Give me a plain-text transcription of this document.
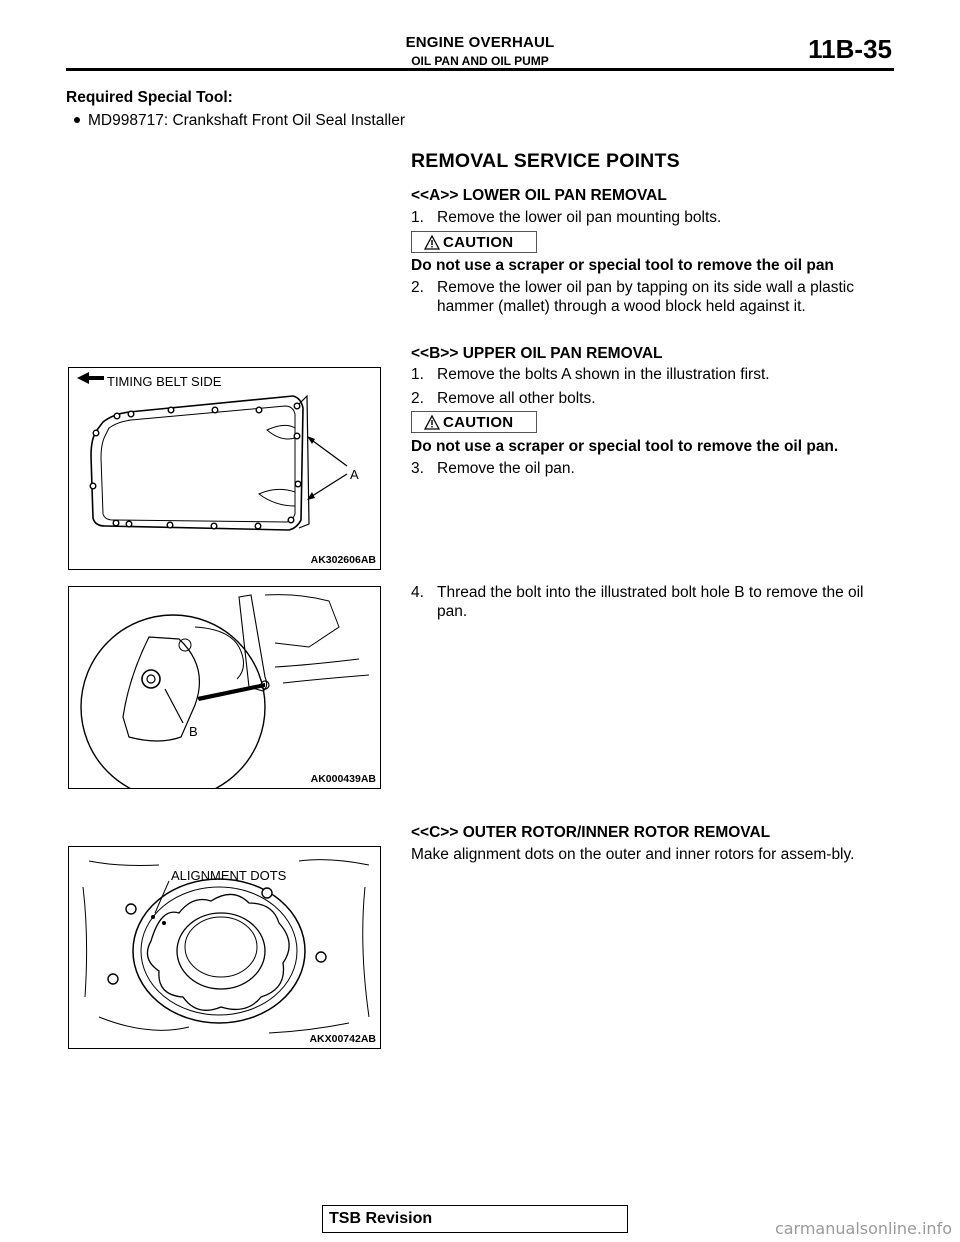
ENGINE OVERHAUL
OIL PAN AND OIL PUMP	11B-35
Required Special Tool:
MD998717: Crankshaft Front Oil Seal Installer
REMOVAL SERVICE POINTS
<<A>> LOWER OIL PAN REMOVAL
1. Remove the lower oil pan mounting bolts.
CAUTION
Do not use a scraper or special tool to remove the oil pan
2. Remove the lower oil pan by tapping on its side wall a plastic hammer (mallet) through a wood block held against it.
<<B>> UPPER OIL PAN REMOVAL
1. Remove the bolts A shown in the illustration first.
2. Remove all other bolts.
CAUTION
Do not use a scraper or special tool to remove the oil pan.
3. Remove the oil pan.
4. Thread the bolt into the illustrated bolt hole B to remove the oil pan.
<<C>> OUTER ROTOR/INNER ROTOR REMOVAL
Make alignment dots on the outer and inner rotors for assem-bly.
TIMING BELT SIDE
A
AK302606AB
B
AK000439AB
ALIGNMENT DOTS
AKX00742AB
TSB Revision
carmanualsonline.info
